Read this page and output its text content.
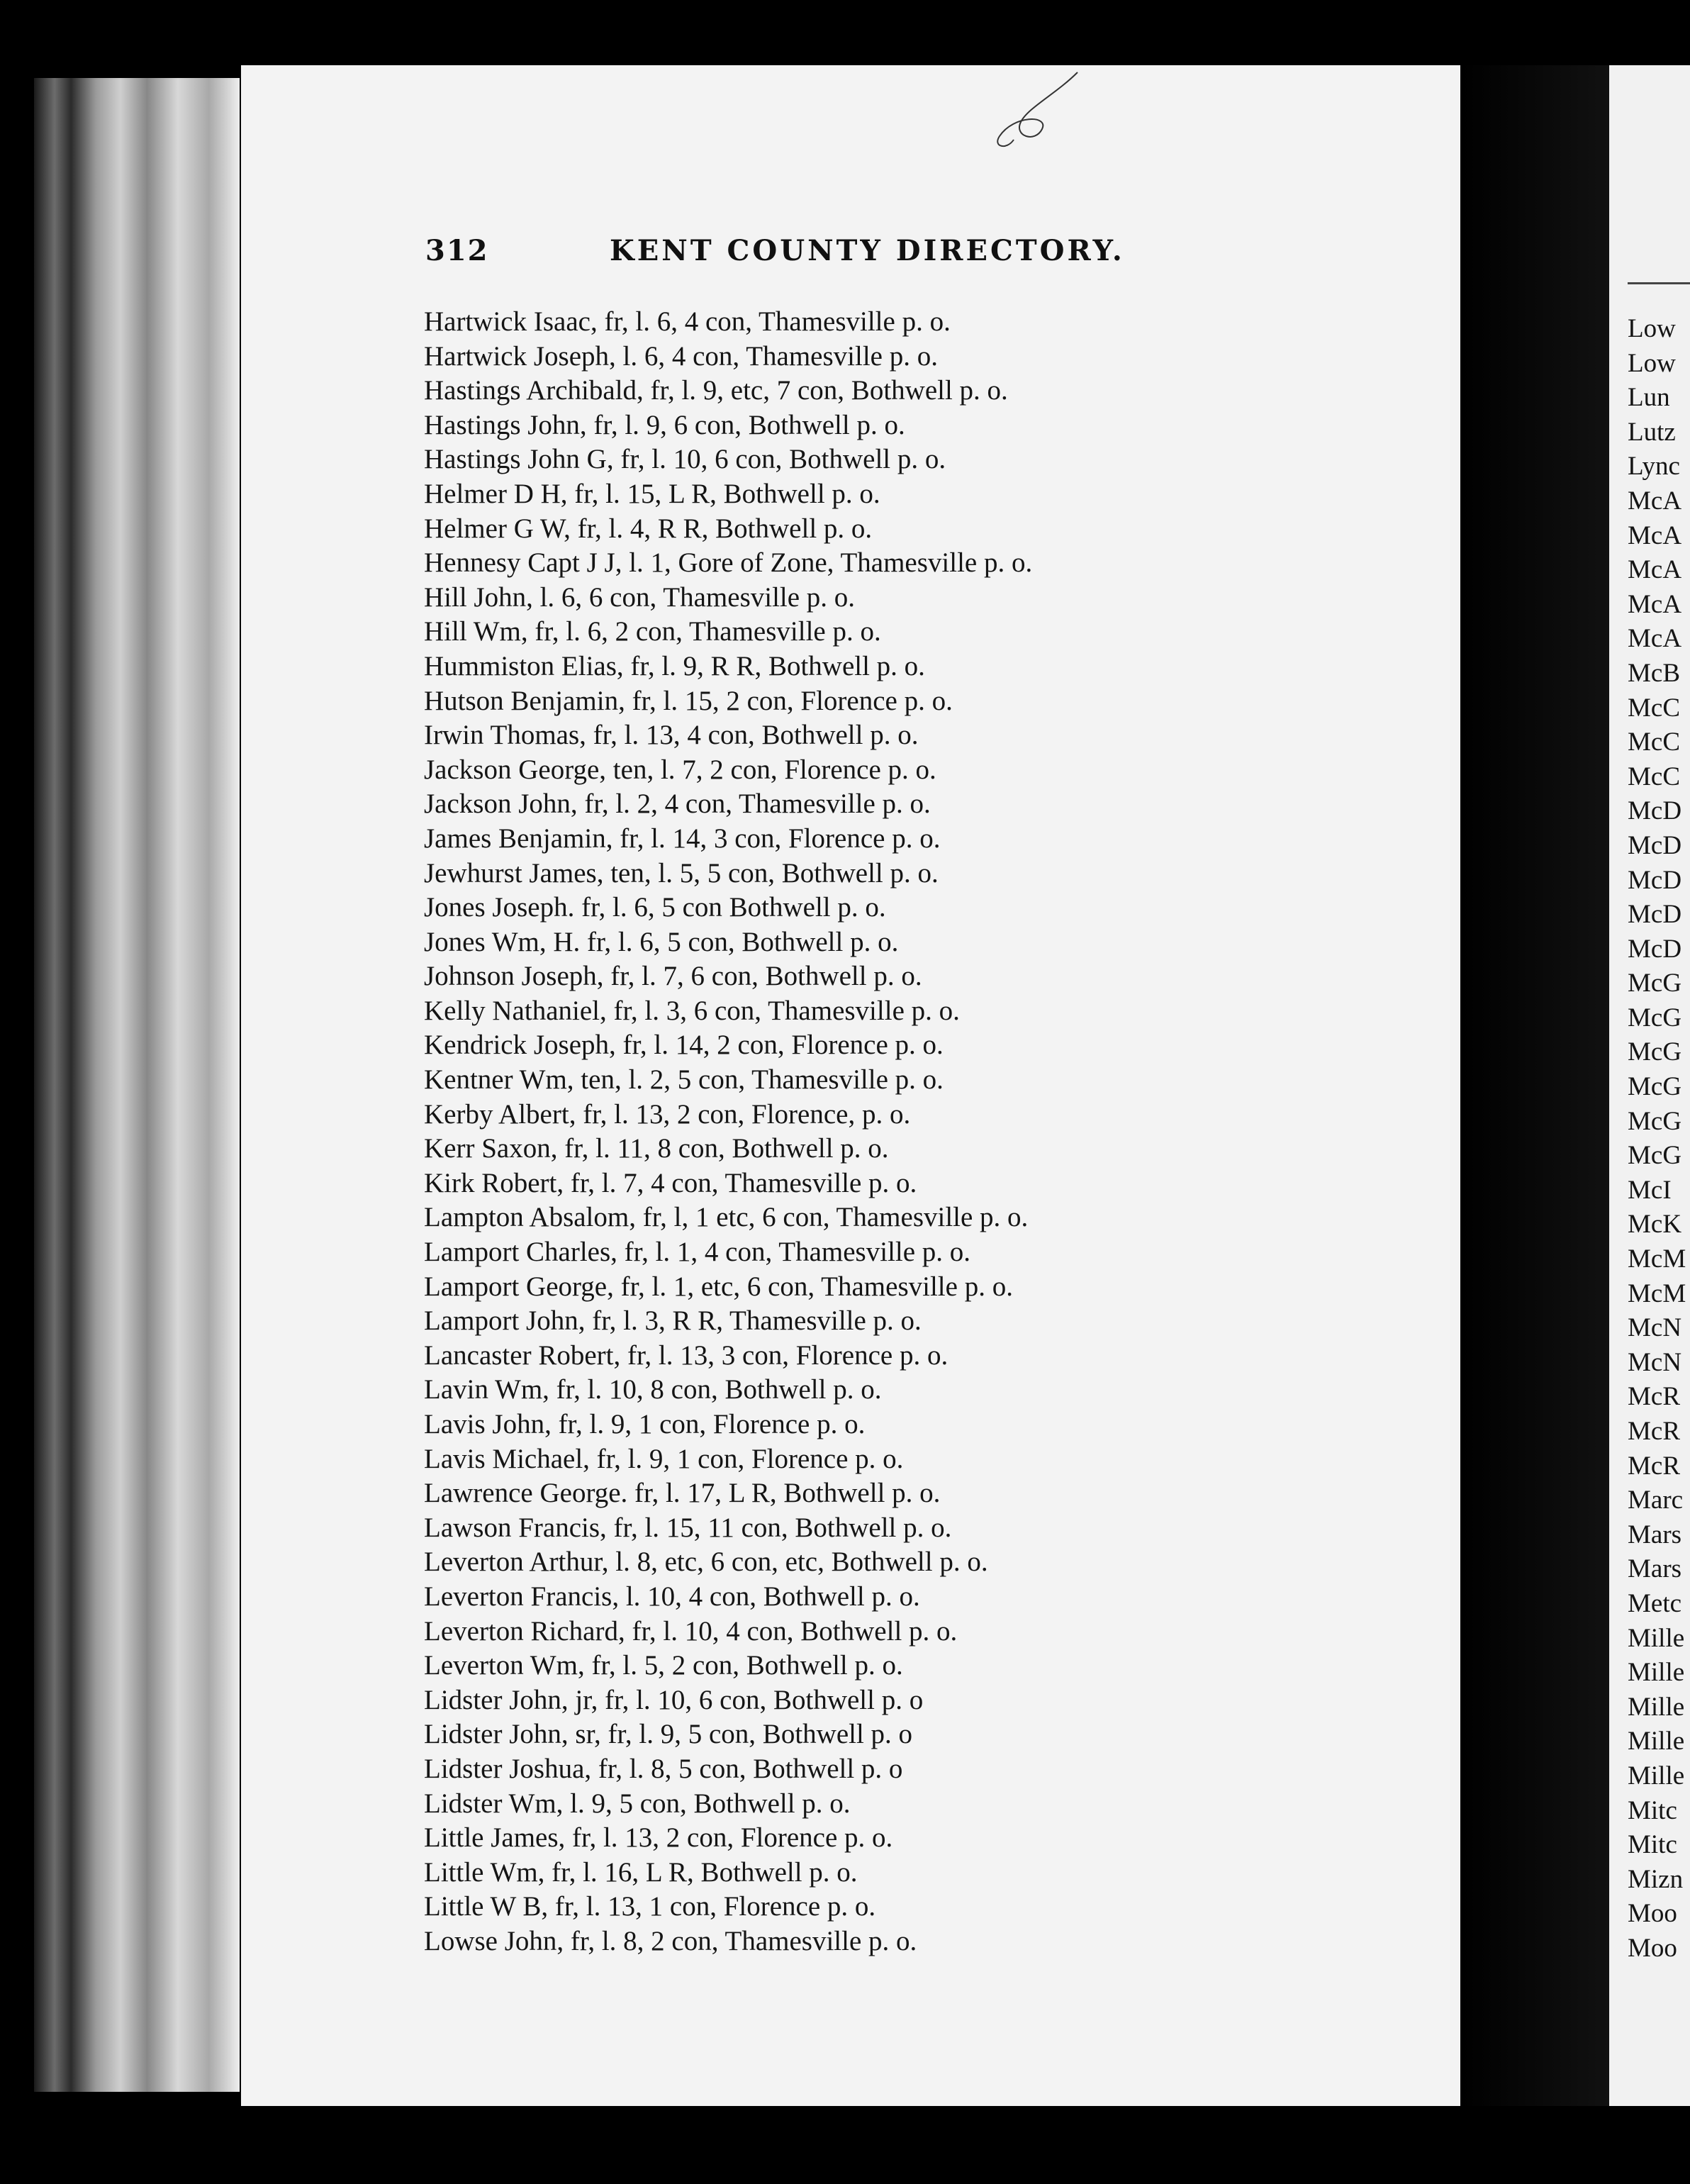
312	KENT COUNTY DIRECTORY.
Hartwick Isaac, fr, l. 6, 4 con, Thamesville p. o.
Hartwick Joseph, l. 6, 4 con, Thamesville p. o.
Hastings Archibald, fr, l. 9, etc, 7 con, Bothwell p. o.
Hastings John, fr, l. 9, 6 con, Bothwell p. o.
Hastings John G, fr, l. 10, 6 con, Bothwell p. o.
Helmer D H, fr, l. 15, L R, Bothwell p. o.
Helmer G W, fr, l. 4, R R, Bothwell p. o.
Hennesy Capt J J, l. 1, Gore of Zone, Thamesville p. o.
Hill John, l. 6, 6 con, Thamesville p. o.
Hill Wm, fr, l. 6, 2 con, Thamesville p. o.
Hummiston Elias, fr, l. 9, R R, Bothwell p. o.
Hutson Benjamin, fr, l. 15, 2 con, Florence p. o.
Irwin Thomas, fr, l. 13, 4 con, Bothwell p. o.
Jackson George, ten, l. 7, 2 con, Florence p. o.
Jackson John, fr, l. 2, 4 con, Thamesville p. o.
James Benjamin, fr, l. 14, 3 con, Florence p. o.
Jewhurst James, ten, l. 5, 5 con, Bothwell p. o.
Jones Joseph. fr, l. 6, 5 con Bothwell p. o.
Jones Wm, H. fr, l. 6, 5 con, Bothwell p. o.
Johnson Joseph, fr, l. 7, 6 con, Bothwell p. o.
Kelly Nathaniel, fr, l. 3, 6 con, Thamesville p. o.
Kendrick Joseph, fr, l. 14, 2 con, Florence p. o.
Kentner Wm, ten, l. 2, 5 con, Thamesville p. o.
Kerby Albert, fr, l. 13, 2 con, Florence, p. o.
Kerr Saxon, fr, l. 11, 8 con, Bothwell p. o.
Kirk Robert, fr, l. 7, 4 con, Thamesville p. o.
Lampton Absalom, fr, l, 1 etc, 6 con, Thamesville p. o.
Lamport Charles, fr, l. 1, 4 con, Thamesville p. o.
Lamport George, fr, l. 1, etc, 6 con, Thamesville p. o.
Lamport John, fr, l. 3, R R, Thamesville p. o.
Lancaster Robert, fr, l. 13, 3 con, Florence p. o.
Lavin Wm, fr, l. 10, 8 con, Bothwell p. o.
Lavis John, fr, l. 9, 1 con, Florence p. o.
Lavis Michael, fr, l. 9, 1 con, Florence p. o.
Lawrence George. fr, l. 17, L R, Bothwell p. o.
Lawson Francis, fr, l. 15, 11 con, Bothwell p. o.
Leverton Arthur, l. 8, etc, 6 con, etc, Bothwell p. o.
Leverton Francis, l. 10, 4 con, Bothwell p. o.
Leverton Richard, fr, l. 10, 4 con, Bothwell p. o.
Leverton Wm, fr, l. 5, 2 con, Bothwell p. o.
Lidster John, jr, fr, l. 10, 6 con, Bothwell p. o
Lidster John, sr, fr, l. 9, 5 con, Bothwell p. o
Lidster Joshua, fr, l. 8, 5 con, Bothwell p. o
Lidster Wm, l. 9, 5 con, Bothwell p. o.
Little James, fr, l. 13, 2 con, Florence p. o.
Little Wm, fr, l. 16, L R, Bothwell p. o.
Little W B, fr, l. 13, 1 con, Florence p. o.
Lowse John, fr, l. 8, 2 con, Thamesville p. o.
Low
Low
Lun
Lutz
Lync
McA
McA
McA
McA
McA
McB
McC
McC
McC
McD
McD
McD
McD
McD
McG
McG
McG
McG
McG
McG
McI
McK
McM
McM
McN
McN
McR
McR
McR
Marc
Mars
Mars
Metc
Mille
Mille
Mille
Mille
Mille
Mitc
Mitc
Mizn
Moo
Moo
